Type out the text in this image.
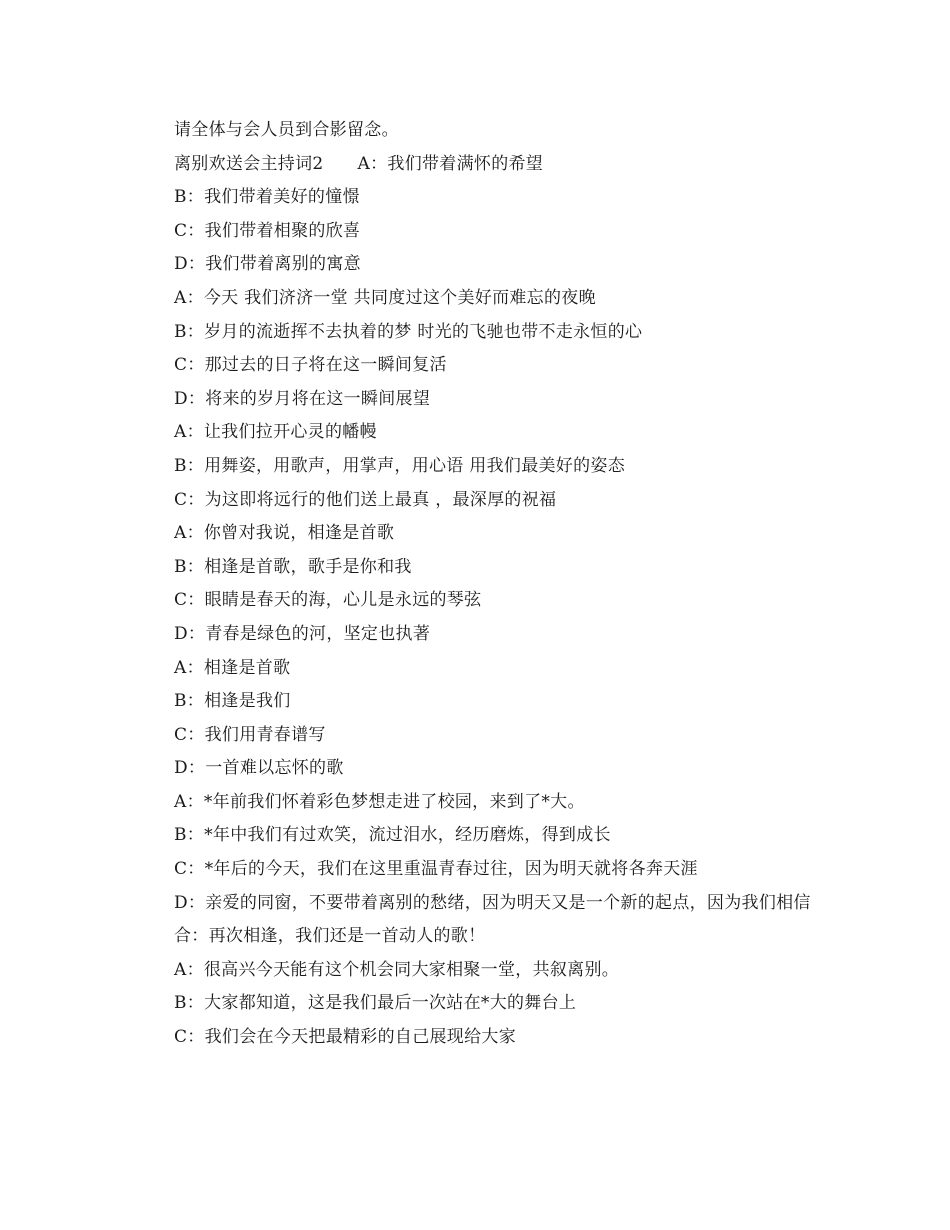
请全体与会人员到合影留念。

离别欢送会主持词2 A：我们带着满怀的希望

B：我们带着美好的憧憬

C：我们带着相聚的欣喜

D：我们带着离别的寓意

A：今天 我们济济一堂 共同度过这个美好而难忘的夜晚

B：岁月的流逝挥不去执着的梦 时光的飞驰也带不走永恒的心

C：那过去的日子将在这一瞬间复活

D：将来的岁月将在这一瞬间展望

A：让我们拉开心灵的幡幔

B：用舞姿，用歌声，用掌声，用心语 用我们最美好的姿态

C：为这即将远行的他们送上最真 ，最深厚的祝福

A：你曾对我说，相逢是首歌

B：相逢是首歌，歌手是你和我

C：眼睛是春天的海，心儿是永远的琴弦

D：青春是绿色的河，坚定也执著

A：相逢是首歌

B：相逢是我们

C：我们用青春谱写

D：一首难以忘怀的歌

A：*年前我们怀着彩色梦想走进了校园，来到了*大。

B：*年中我们有过欢笑，流过泪水，经历磨炼，得到成长

C：*年后的今天，我们在这里重温青春过往，因为明天就将各奔天涯

D：亲爱的同窗，不要带着离别的愁绪，因为明天又是一个新的起点，因为我们相信

合：再次相逢，我们还是一首动人的歌！

A：很高兴今天能有这个机会同大家相聚一堂，共叙离别。

B：大家都知道，这是我们最后一次站在*大的舞台上

C：我们会在今天把最精彩的自己展现给大家
